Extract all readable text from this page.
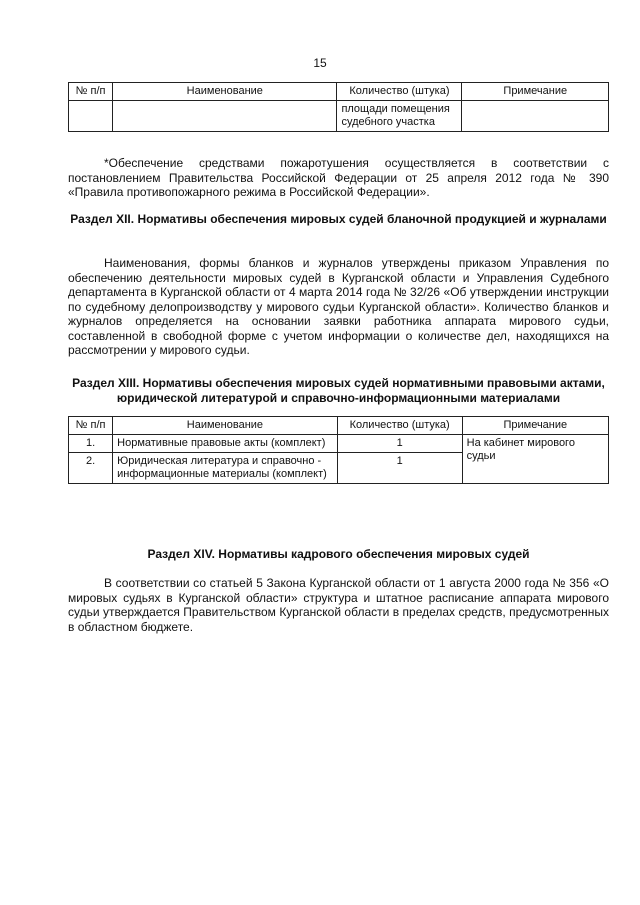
15
№ п/п	Наименование	Количество (штука)	Примечание
		площади помещения судебного участка	
*Обеспечение средствами пожаротушения осуществляется в соответствии с постановлением Правительства Российской Федерации от 25 апреля 2012 года № 390 «Правила противопожарного режима в Российской Федерации».
Раздел XII. Нормативы обеспечения мировых судей бланочной продукцией и журналами
Наименования, формы бланков и журналов утверждены приказом Управления по обеспечению деятельности мировых судей в Курганской области и Управления Судебного департамента в Курганской области от 4 марта 2014 года № 32/26 «Об утверждении инструкции по судебному делопроизводству у мирового судьи Курганской области». Количество бланков и журналов определяется на основании заявки работника аппарата мирового судьи, составленной в свободной форме с учетом информации о количестве дел, находящихся на рассмотрении у мирового судьи.
Раздел XIII. Нормативы обеспечения мировых судей нормативными правовыми актами, юридической литературой и справочно-информационными материалами
№ п/п	Наименование	Количество (штука)	Примечание
1.	Нормативные правовые акты (комплект)	1	На кабинет мирового судьи
2.	Юридическая литература и справочно - информационные материалы (комплект)	1	
Раздел XIV. Нормативы кадрового обеспечения мировых судей
В соответствии со статьей 5 Закона Курганской области от 1 августа 2000 года № 356 «О мировых судьях в Курганской области» структура и штатное расписание аппарата мирового судьи утверждается Правительством Курганской области в пределах средств, предусмотренных в областном бюджете.
